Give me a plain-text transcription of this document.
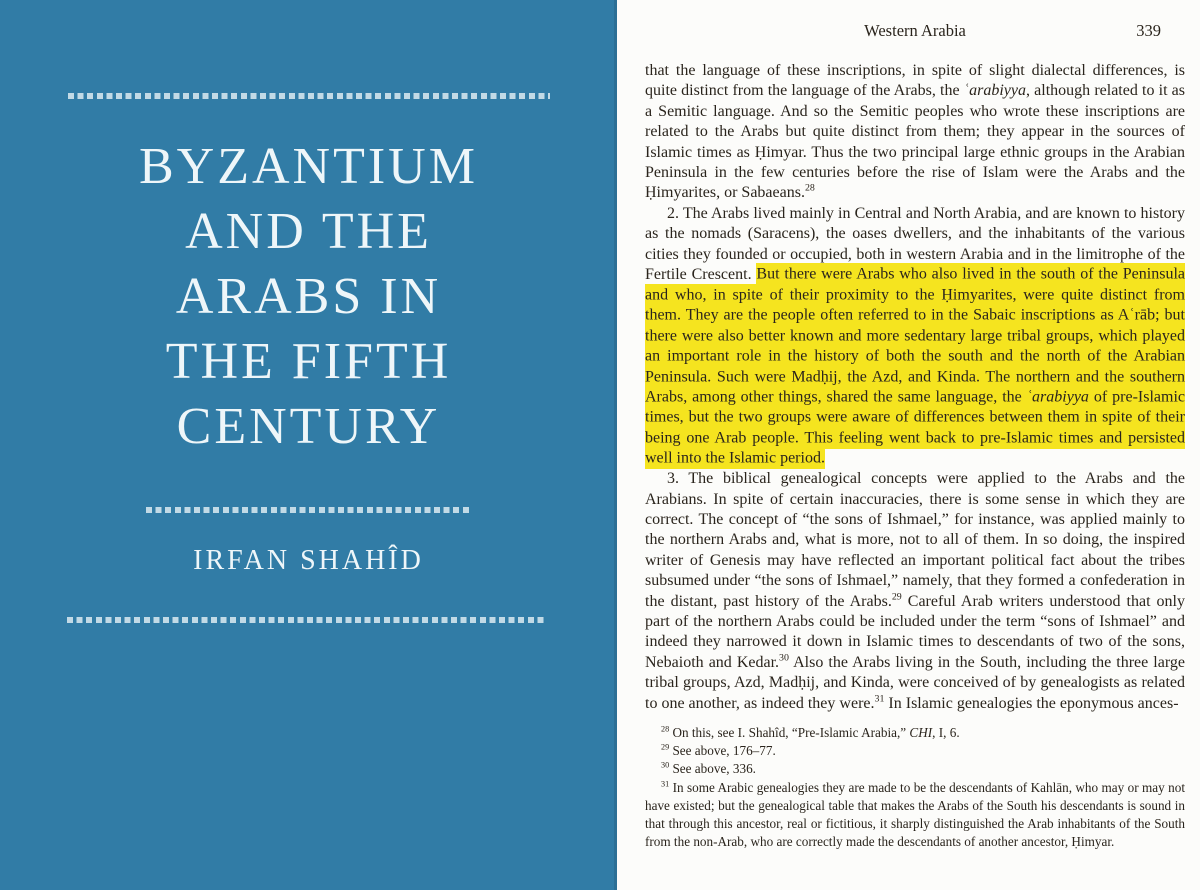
BYZANTIUM
AND THE
ARABS IN
THE FIFTH
CENTURY
IRFAN SHAHÎD
Western Arabia	339

that the language of these inscriptions, in spite of slight dialectal differences, is quite distinct from the language of the Arabs, the ʿarabiyya, although related to it as a Semitic language. And so the Semitic peoples who wrote these inscriptions are related to the Arabs but quite distinct from them; they appear in the sources of Islamic times as Ḥimyar. Thus the two principal large ethnic groups in the Arabian Peninsula in the few centuries before the rise of Islam were the Arabs and the Ḥimyarites, or Sabaeans.$^{28}$

2. The Arabs lived mainly in Central and North Arabia, and are known to history as the nomads (Saracens), the oases dwellers, and the inhabitants of the various cities they founded or occupied, both in western Arabia and in the limitrophe of the Fertile Crescent. But there were Arabs who also lived in the south of the Peninsula and who, in spite of their proximity to the Ḥimyarites, were quite distinct from them. They are the people often referred to in the Sabaic inscriptions as Aʿrāb; but there were also better known and more sedentary large tribal groups, which played an important role in the history of both the south and the north of the Arabian Peninsula. Such were Madḥij, the Azd, and Kinda. The northern and the southern Arabs, among other things, shared the same language, the ʿarabiyya of pre-Islamic times, but the two groups were aware of differences between them in spite of their being one Arab people. This feeling went back to pre-Islamic times and persisted well into the Islamic period.

3. The biblical genealogical concepts were applied to the Arabs and the Arabians. In spite of certain inaccuracies, there is some sense in which they are correct. The concept of “the sons of Ishmael,” for instance, was applied mainly to the northern Arabs and, what is more, not to all of them. In so doing, the inspired writer of Genesis may have reflected an important political fact about the tribes subsumed under “the sons of Ishmael,” namely, that they formed a confederation in the distant, past history of the Arabs.$^{29}$ Careful Arab writers understood that only part of the northern Arabs could be included under the term “sons of Ishmael” and indeed they narrowed it down in Islamic times to descendants of two of the sons, Nebaioth and Kedar.$^{30}$ Also the Arabs living in the South, including the three large tribal groups, Azd, Madḥij, and Kinda, were conceived of by genealogists as related to one another, as indeed they were.$^{31}$ In Islamic genealogies the eponymous ances-

$^{28}$ On this, see I. Shahîd, “Pre-Islamic Arabia,” CHI, I, 6.

$^{29}$ See above, 176–77.

$^{30}$ See above, 336.

$^{31}$ In some Arabic genealogies they are made to be the descendants of Kahlān, who may or may not have existed; but the genealogical table that makes the Arabs of the South his descendants is sound in that through this ancestor, real or fictitious, it sharply distinguished the Arab inhabitants of the South from the non-Arab, who are correctly made the descendants of another ancestor, Ḥimyar.
